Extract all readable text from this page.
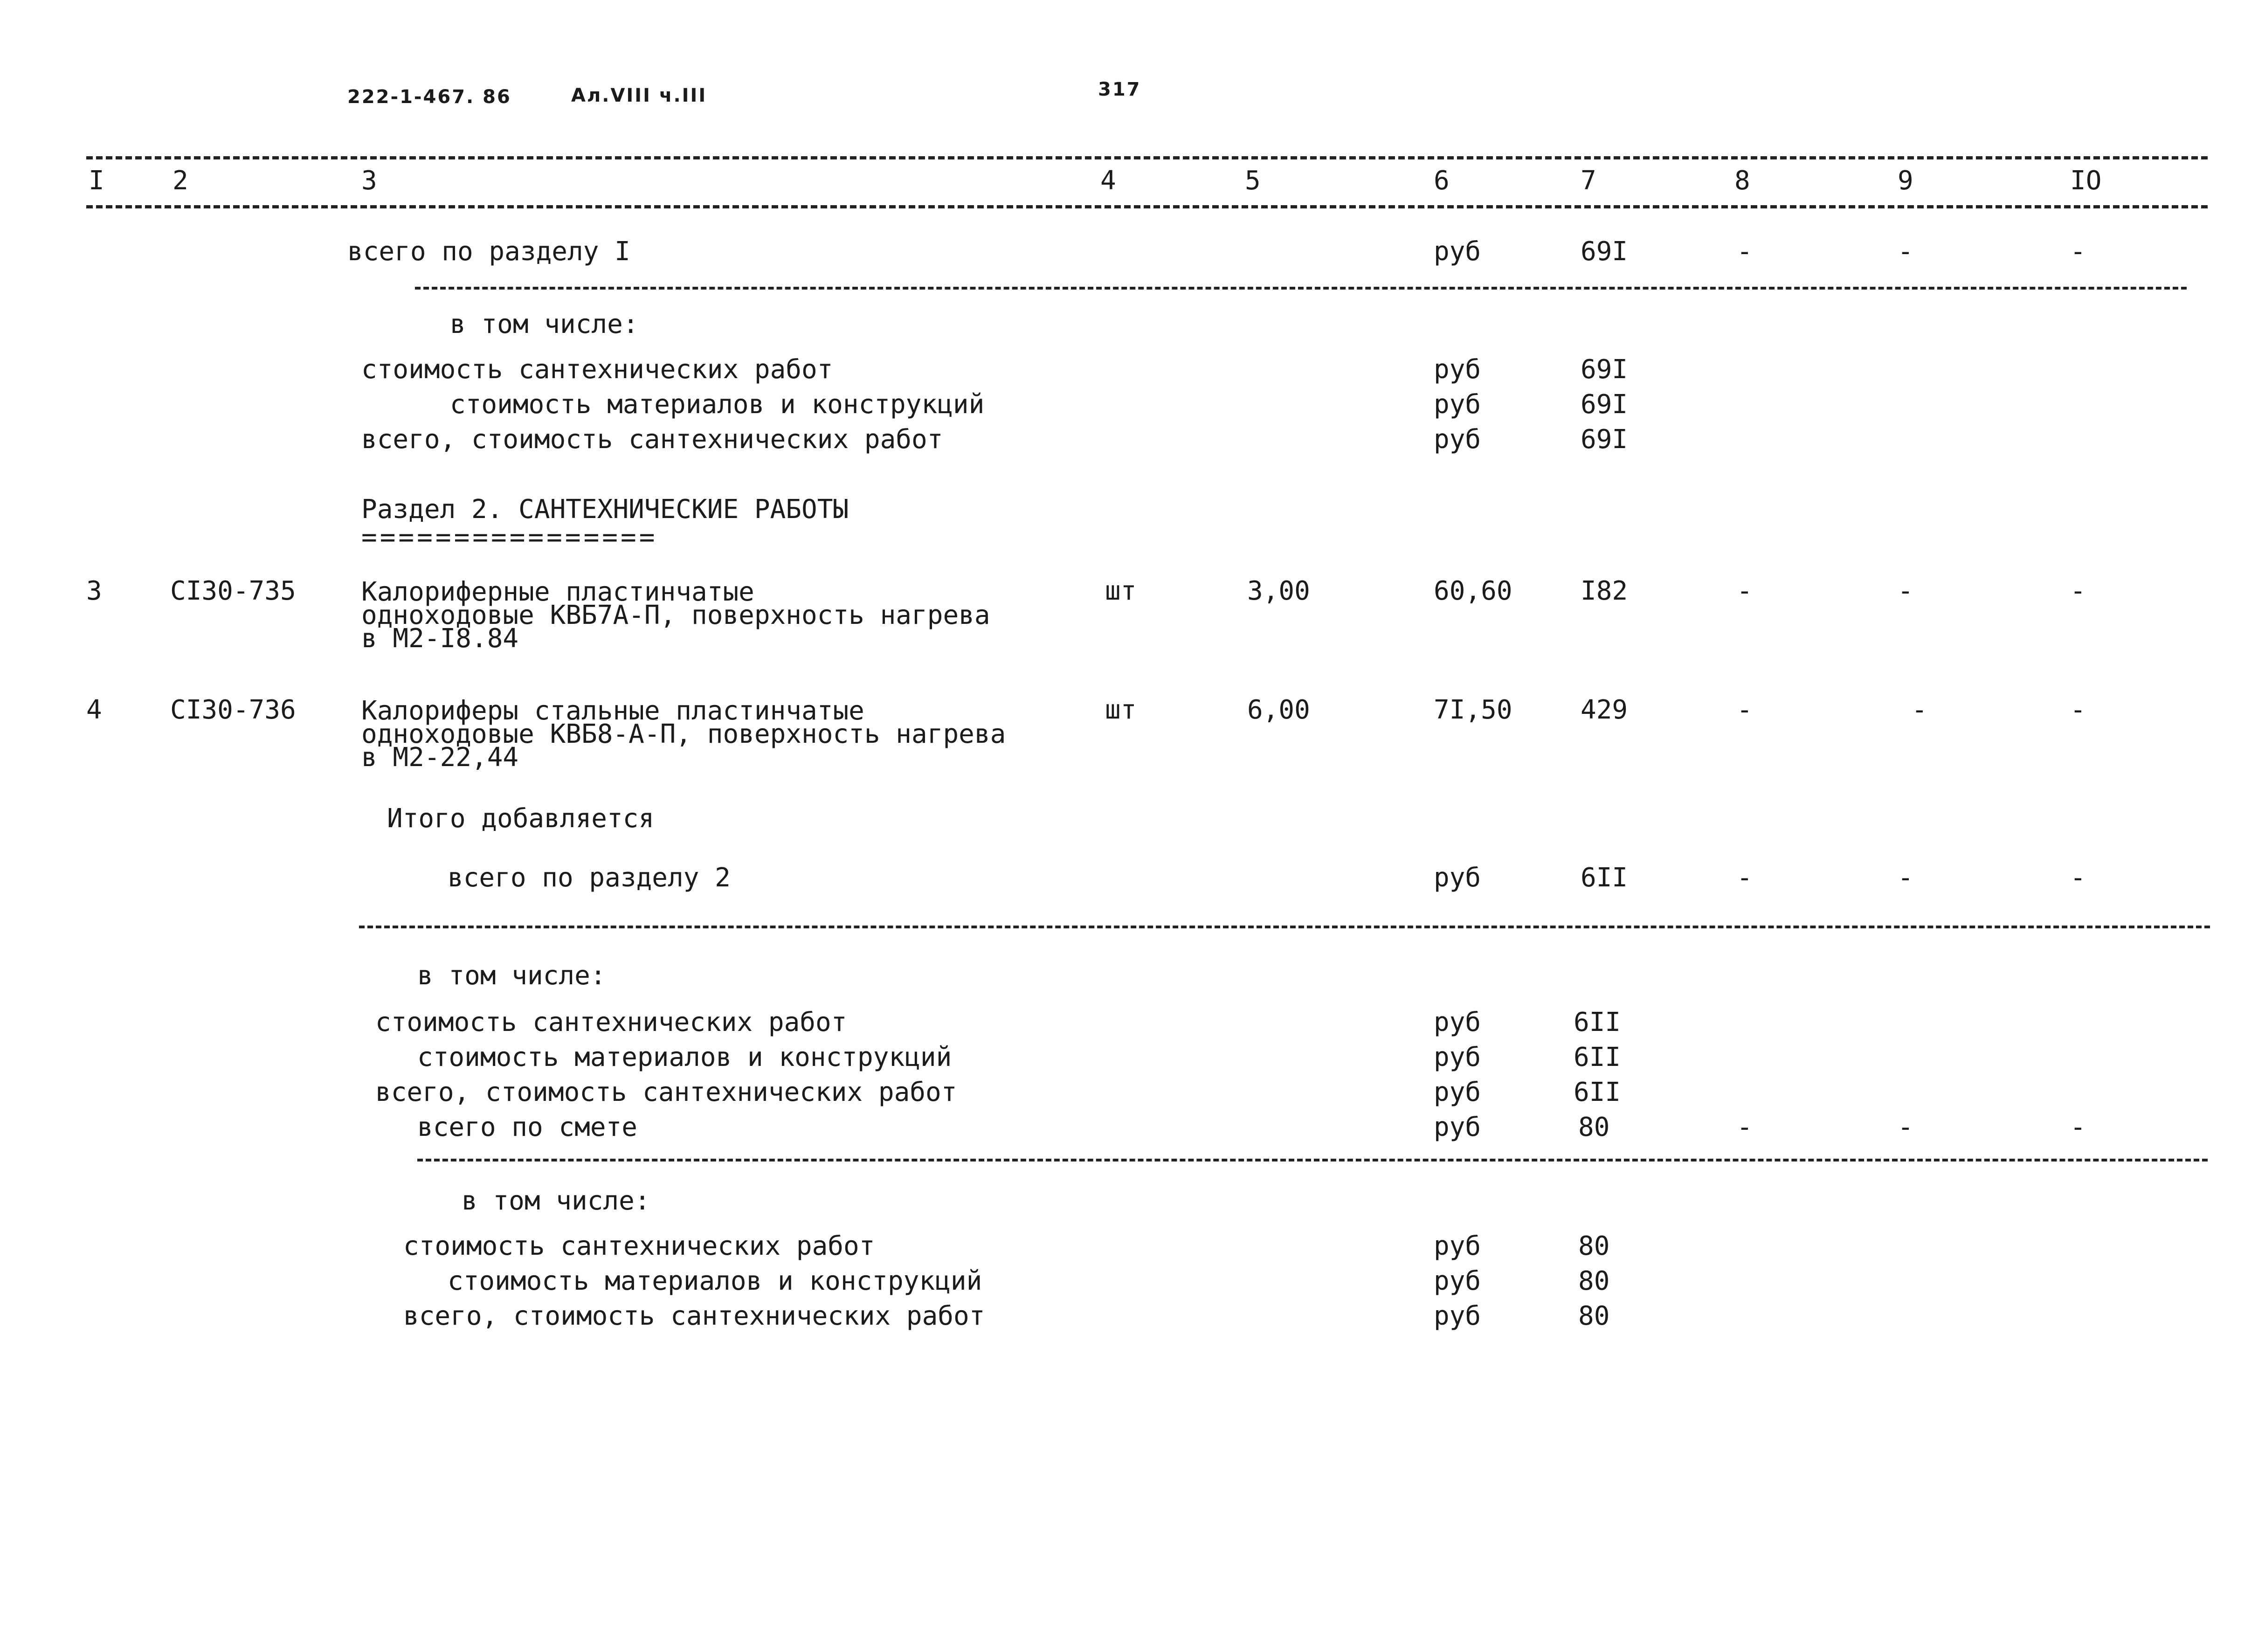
222-1-467. 86	Ал.VIII ч.III	317
I	2	3	4	5	6	7	8	9	IO
всего по разделу I	руб	69I	-	-	-
в том числе:
стоимость сантехнических работ	руб	69I
стоимость материалов и конструкций	руб	69I
всего, стоимость сантехнических работ	руб	69I
Раздел 2. САНТЕХНИЧЕСКИЕ РАБОТЫ
================
3	CI30-735	Калориферные пластинчатые
одноходовые КВБ7А-П, поверхность нагрева
в М2-I8.84
шт	3,00	60,60	I82	-	-	-
4	CI30-736	Калориферы стальные пластинчатые
одноходовые КВБ8-А-П, поверхность нагрева
в М2-22,44
шт	6,00	7I,50	429	-	-	-
Итого добавляется
всего по разделу 2	руб	6II	-	-	-
в том числе:
стоимость сантехнических работ	руб	6II
стоимость материалов и конструкций	руб	6II
всего, стоимость сантехнических работ	руб	6II
всего по смете	руб	80	-	-	-
в том числе:
стоимость сантехнических работ	руб	80
стоимость материалов и конструкций	руб	80
всего, стоимость сантехнических работ	руб	80
